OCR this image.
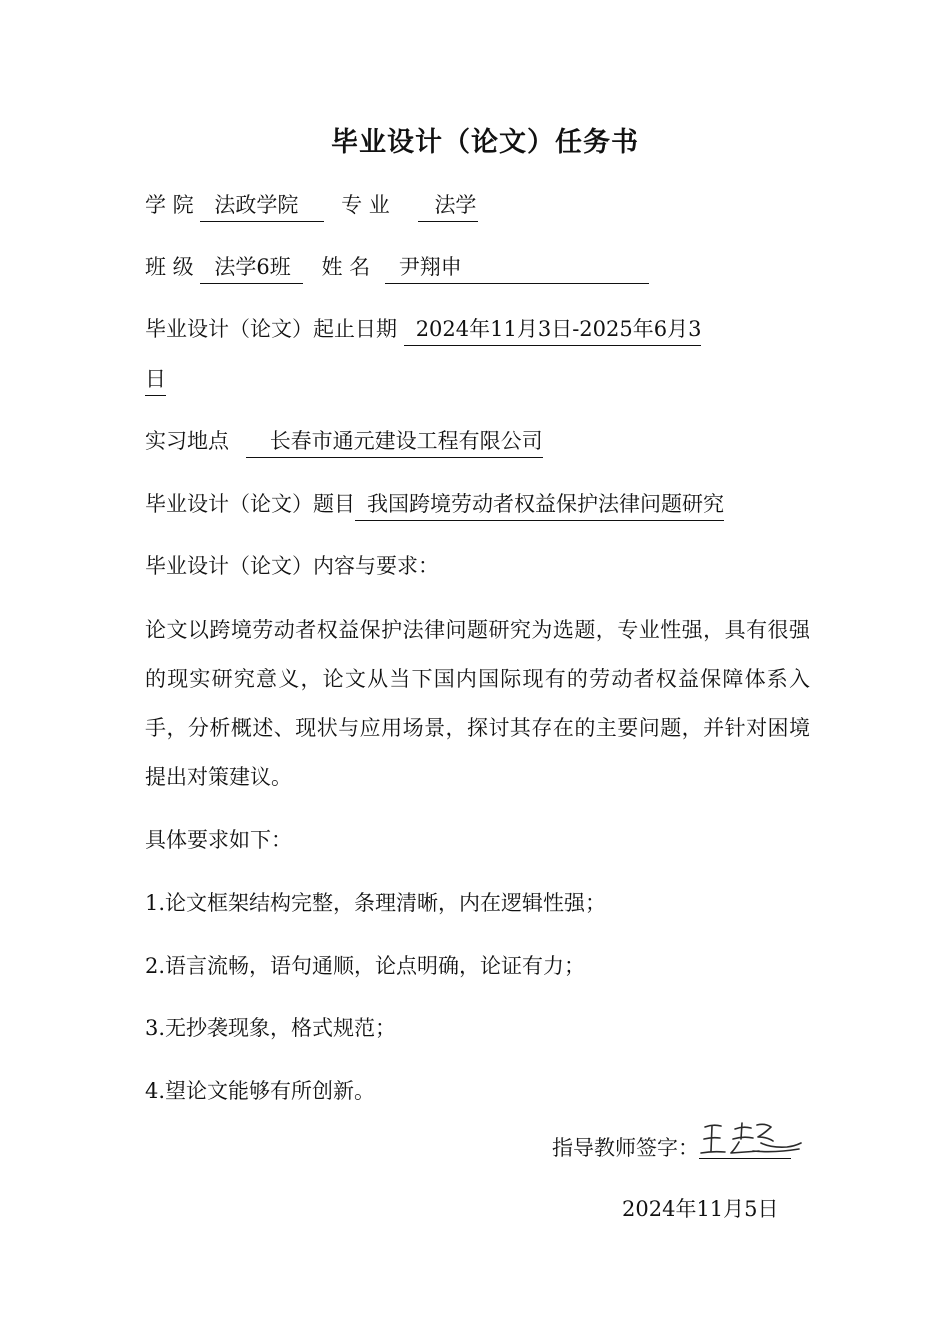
毕业设计（论文）任务书
学 院 法政学院 专 业 法学
班 级 法学6班 姓 名 尹翔申
毕业设计（论文）起止日期 2024年11月3日-2025年6月3
日
实习地点 长春市通元建设工程有限公司
毕业设计（论文）题目 我国跨境劳动者权益保护法律问题研究
毕业设计（论文）内容与要求：
论文以跨境劳动者权益保护法律问题研究为选题，专业性强，具有很强的现实研究意义，论文从当下国内国际现有的劳动者权益保障体系入手，分析概述、现状与应用场景，探讨其存在的主要问题，并针对困境提出对策建议。
具体要求如下：
1.论文框架结构完整，条理清晰，内在逻辑性强；
2.语言流畅，语句通顺，论点明确，论证有力；
3.无抄袭现象，格式规范；
4.望论文能够有所创新。
指导教师签字：
2024年11月5日
